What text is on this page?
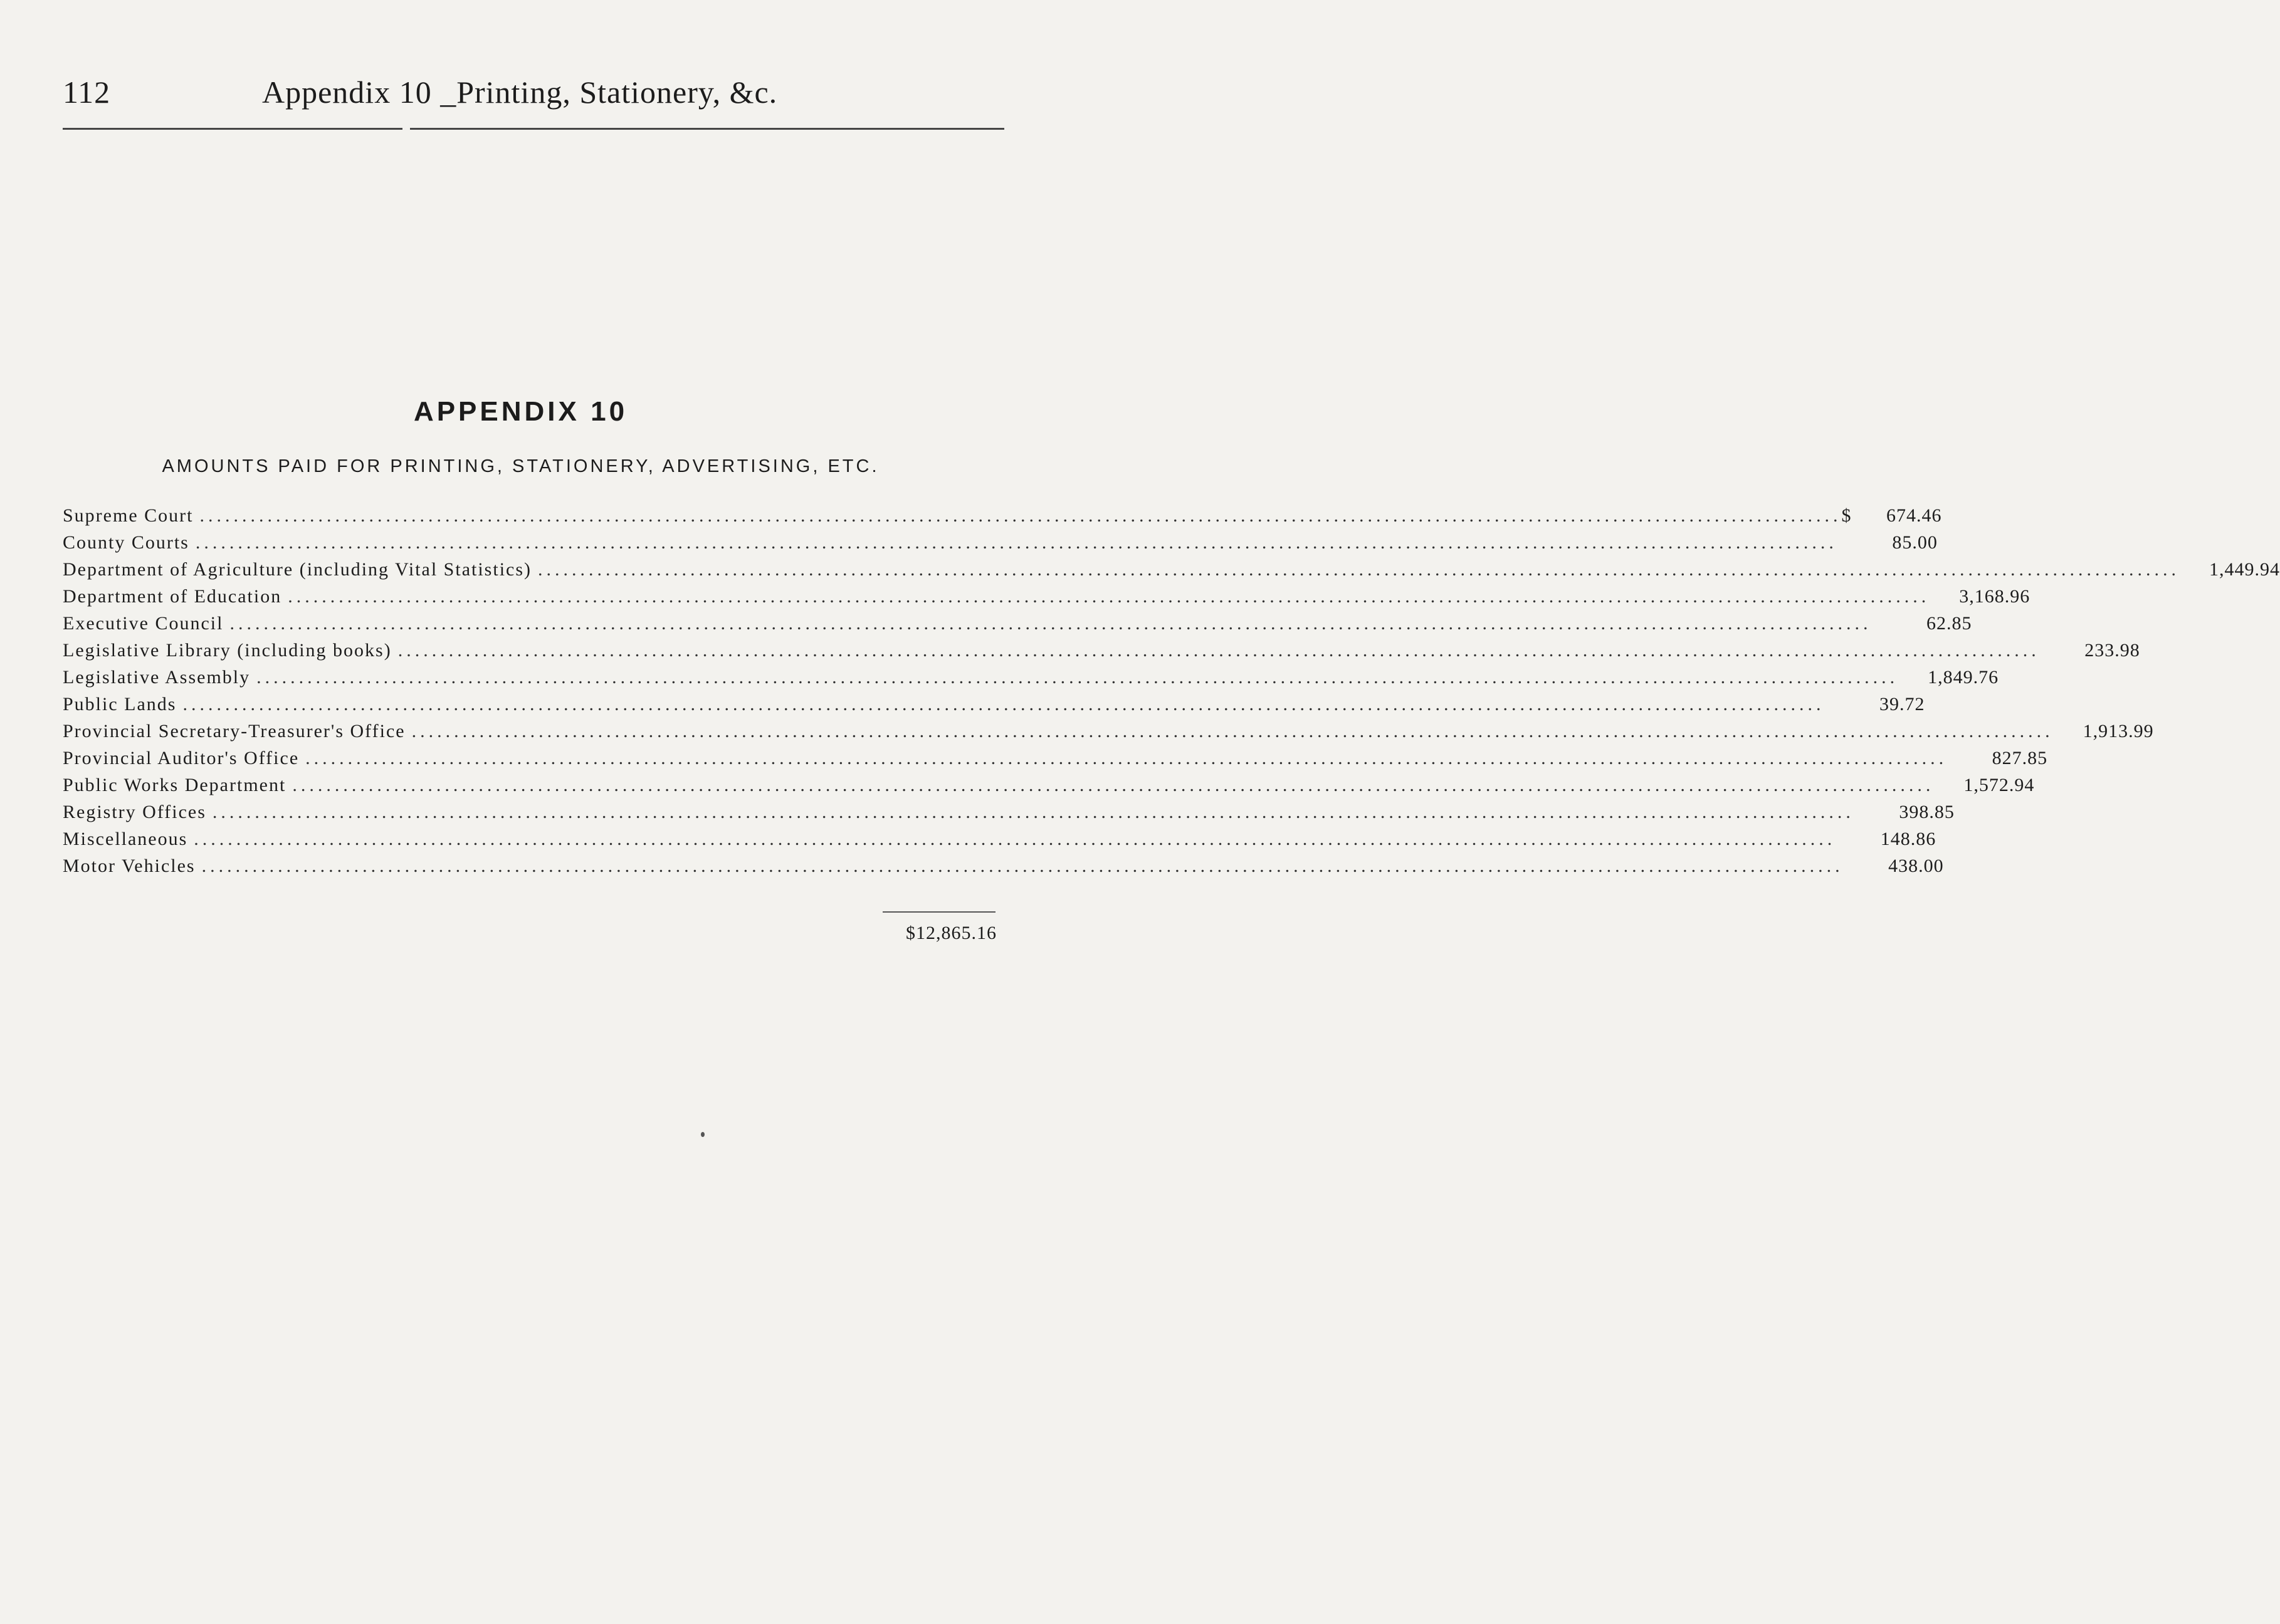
112	Appendix 10 _Printing, Stationery, &c.
APPENDIX 10
AMOUNTS PAID FOR PRINTING, STATIONERY, ADVERTISING, ETC.
Supreme Court .................................................................................................................................................................................................. $	674.46
County Courts ..................................................................................................................................................................................................	85.00
Department of Agriculture (including Vital Statistics) ..................................................................................................................................................................................................	1,449.94
Department of Education ..................................................................................................................................................................................................	3,168.96
Executive Council ..................................................................................................................................................................................................	62.85
Legislative Library (including books) ..................................................................................................................................................................................................	233.98
Legislative Assembly ..................................................................................................................................................................................................	1,849.76
Public Lands ..................................................................................................................................................................................................	39.72
Provincial Secretary-Treasurer's Office ..................................................................................................................................................................................................	1,913.99
Provincial Auditor's Office ..................................................................................................................................................................................................	827.85
Public Works Department ..................................................................................................................................................................................................	1,572.94
Registry Offices ..................................................................................................................................................................................................	398.85
Miscellaneous ..................................................................................................................................................................................................	148.86
Motor Vehicles ..................................................................................................................................................................................................	438.00
$12,865.16
